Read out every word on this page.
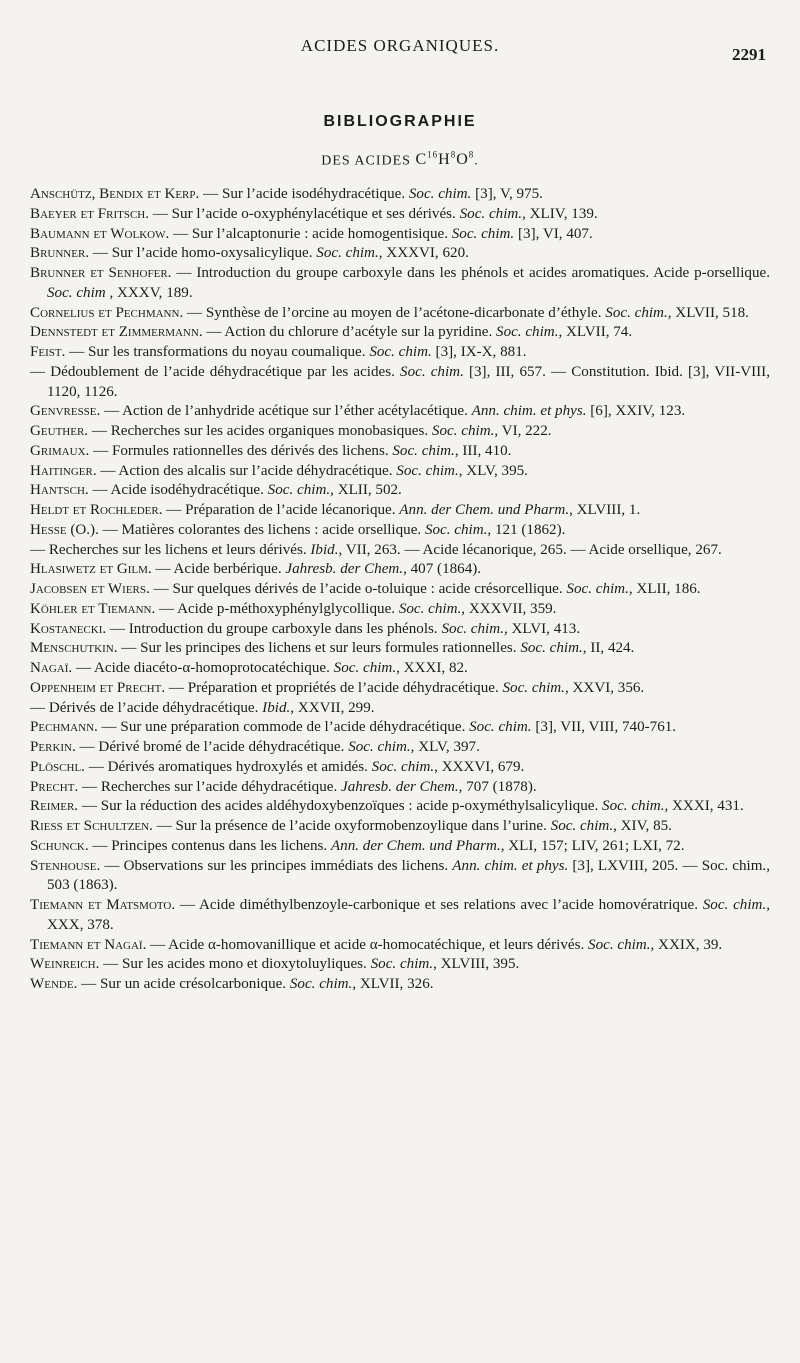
ACIDES ORGANIQUES.	2291
BIBLIOGRAPHIE
DES ACIDES $C^{16}H^8O^8$.
Anschütz, Bendix et Kerp. — Sur l’acide isodéhydracétique. Soc. chim. [3], V, 975.
Baeyer et Fritsch. — Sur l’acide o-oxyphénylacétique et ses dérivés. Soc. chim., XLIV, 139.
Baumann et Wolkow. — Sur l’alcaptonurie : acide homogentisique. Soc. chim. [3], VI, 407.
Brunner. — Sur l’acide homo-oxysalicylique. Soc. chim., XXXVI, 620.
Brunner et Senhofer. — Introduction du groupe carboxyle dans les phénols et acides aromatiques. Acide p-orsellique. Soc. chim , XXXV, 189.
Cornelius et Pechmann. — Synthèse de l’orcine au moyen de l’acétone-dicarbonate d’éthyle. Soc. chim., XLVII, 518.
Dennstedt et Zimmermann. — Action du chlorure d’acétyle sur la pyridine. Soc. chim., XLVII, 74.
Feist. — Sur les transformations du noyau coumalique. Soc. chim. [3], IX-X, 881.
— Dédoublement de l’acide déhydracétique par les acides. Soc. chim. [3], III, 657. — Constitution. Ibid. [3], VII-VIII, 1120, 1126.
Genvresse. — Action de l’anhydride acétique sur l’éther acétylacétique. Ann. chim. et phys. [6], XXIV, 123.
Geuther. — Recherches sur les acides organiques monobasiques. Soc. chim., VI, 222.
Grimaux. — Formules rationnelles des dérivés des lichens. Soc. chim., III, 410.
Haitinger. — Action des alcalis sur l’acide déhydracétique. Soc. chim., XLV, 395.
Hantsch. — Acide isodéhydracétique. Soc. chim., XLII, 502.
Heldt et Rochleder. — Préparation de l’acide lécanorique. Ann. der Chem. und Pharm., XLVIII, 1.
Hesse (O.). — Matières colorantes des lichens : acide orsellique. Soc. chim., 121 (1862).
— Recherches sur les lichens et leurs dérivés. Ibid., VII, 263. — Acide lécanorique, 265. — Acide orsellique, 267.
Hlasiwetz et Gilm. — Acide berbérique. Jahresb. der Chem., 407 (1864).
Jacobsen et Wiers. — Sur quelques dérivés de l’acide o-toluique : acide crésorcellique. Soc. chim., XLII, 186.
Köhler et Tiemann. — Acide p-méthoxyphénylglycollique. Soc. chim., XXXVII, 359.
Kostanecki. — Introduction du groupe carboxyle dans les phénols. Soc. chim., XLVI, 413.
Menschutkin. — Sur les principes des lichens et sur leurs formules rationnelles. Soc. chim., II, 424.
Nagaï. — Acide diacéto-α-homoprotocatéchique. Soc. chim., XXXI, 82.
Oppenheim et Precht. — Préparation et propriétés de l’acide déhydracétique. Soc. chim., XXVI, 356.
— Dérivés de l’acide déhydracétique. Ibid., XXVII, 299.
Pechmann. — Sur une préparation commode de l’acide déhydracétique. Soc. chim. [3], VII, VIII, 740-761.
Perkin. — Dérivé bromé de l’acide déhydracétique. Soc. chim., XLV, 397.
Plöschl. — Dérivés aromatiques hydroxylés et amidés. Soc. chim., XXXVI, 679.
Precht. — Recherches sur l’acide déhydracétique. Jahresb. der Chem., 707 (1878).
Reimer. — Sur la réduction des acides aldéhydoxybenzoïques : acide p-oxyméthylsalicylique. Soc. chim., XXXI, 431.
Riess et Schultzen. — Sur la présence de l’acide oxyformobenzoylique dans l’urine. Soc. chim., XIV, 85.
Schunck. — Principes contenus dans les lichens. Ann. der Chem. und Pharm., XLI, 157; LIV, 261; LXI, 72.
Stenhouse. — Observations sur les principes immédiats des lichens. Ann. chim. et phys. [3], LXVIII, 205. — Soc. chim., 503 (1863).
Tiemann et Matsmoto. — Acide diméthylbenzoyle-carbonique et ses relations avec l’acide homovératrique. Soc. chim., XXX, 378.
Tiemann et Nagaï. — Acide α-homovanillique et acide α-homocatéchique, et leurs dérivés. Soc. chim., XXIX, 39.
Weinreich. — Sur les acides mono et dioxytoluyliques. Soc. chim., XLVIII, 395.
Wende. — Sur un acide crésolcarbonique. Soc. chim., XLVII, 326.
